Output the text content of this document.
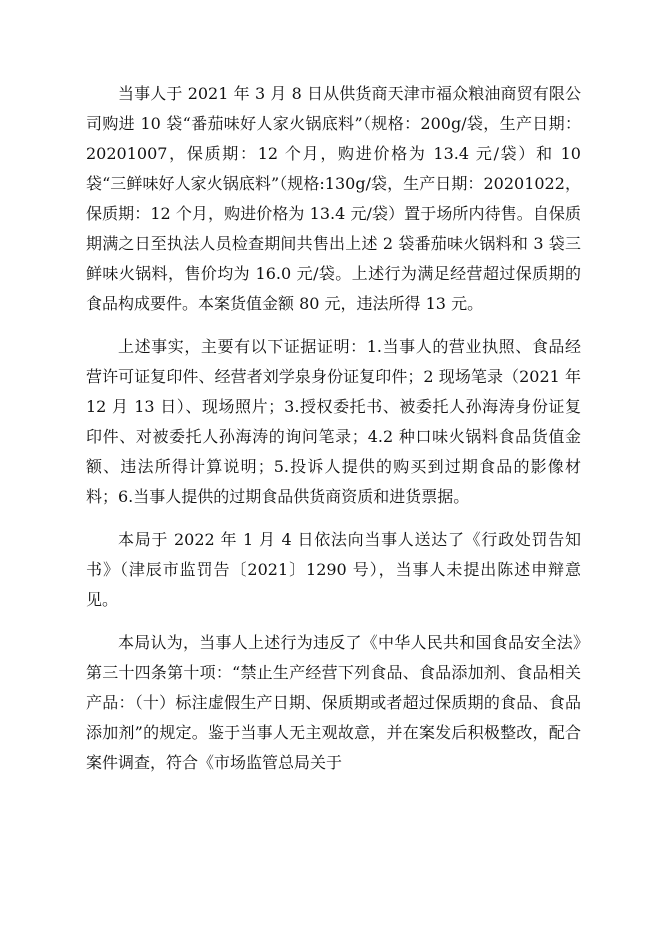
当事人于 2021 年 3 月 8 日从供货商天津市福众粮油商贸有限公司购进 10 袋“番茄味好人家火锅底料”（规格：200g/袋，生产日期：20201007，保质期：12 个月，购进价格为 13.4 元/袋）和 10 袋“三鲜味好人家火锅底料”（规格:130g/袋，生产日期：20201022，保质期：12 个月，购进价格为 13.4 元/袋）置于场所内待售。自保质期满之日至执法人员检查期间共售出上述 2 袋番茄味火锅料和 3 袋三鲜味火锅料，售价均为 16.0 元/袋。上述行为满足经营超过保质期的食品构成要件。本案货值金额 80 元，违法所得 13 元。

上述事实，主要有以下证据证明：1.当事人的营业执照、食品经营许可证复印件、经营者刘学泉身份证复印件；2 现场笔录（2021 年 12 月 13 日）、现场照片；3.授权委托书、被委托人孙海涛身份证复印件、对被委托人孙海涛的询问笔录；4.2 种口味火锅料食品货值金额、违法所得计算说明；5.投诉人提供的购买到过期食品的影像材料；6.当事人提供的过期食品供货商资质和进货票据。

本局于 2022 年 1 月 4 日依法向当事人送达了《行政处罚告知书》（津辰市监罚告〔2021〕1290 号），当事人未提出陈述申辩意见。

本局认为，当事人上述行为违反了《中华人民共和国食品安全法》第三十四条第十项：“禁止生产经营下列食品、食品添加剂、食品相关产品：（十）标注虚假生产日期、保质期或者超过保质期的食品、食品添加剂”的规定。鉴于当事人无主观故意，并在案发后积极整改，配合案件调查，符合《市场监管总局关于
